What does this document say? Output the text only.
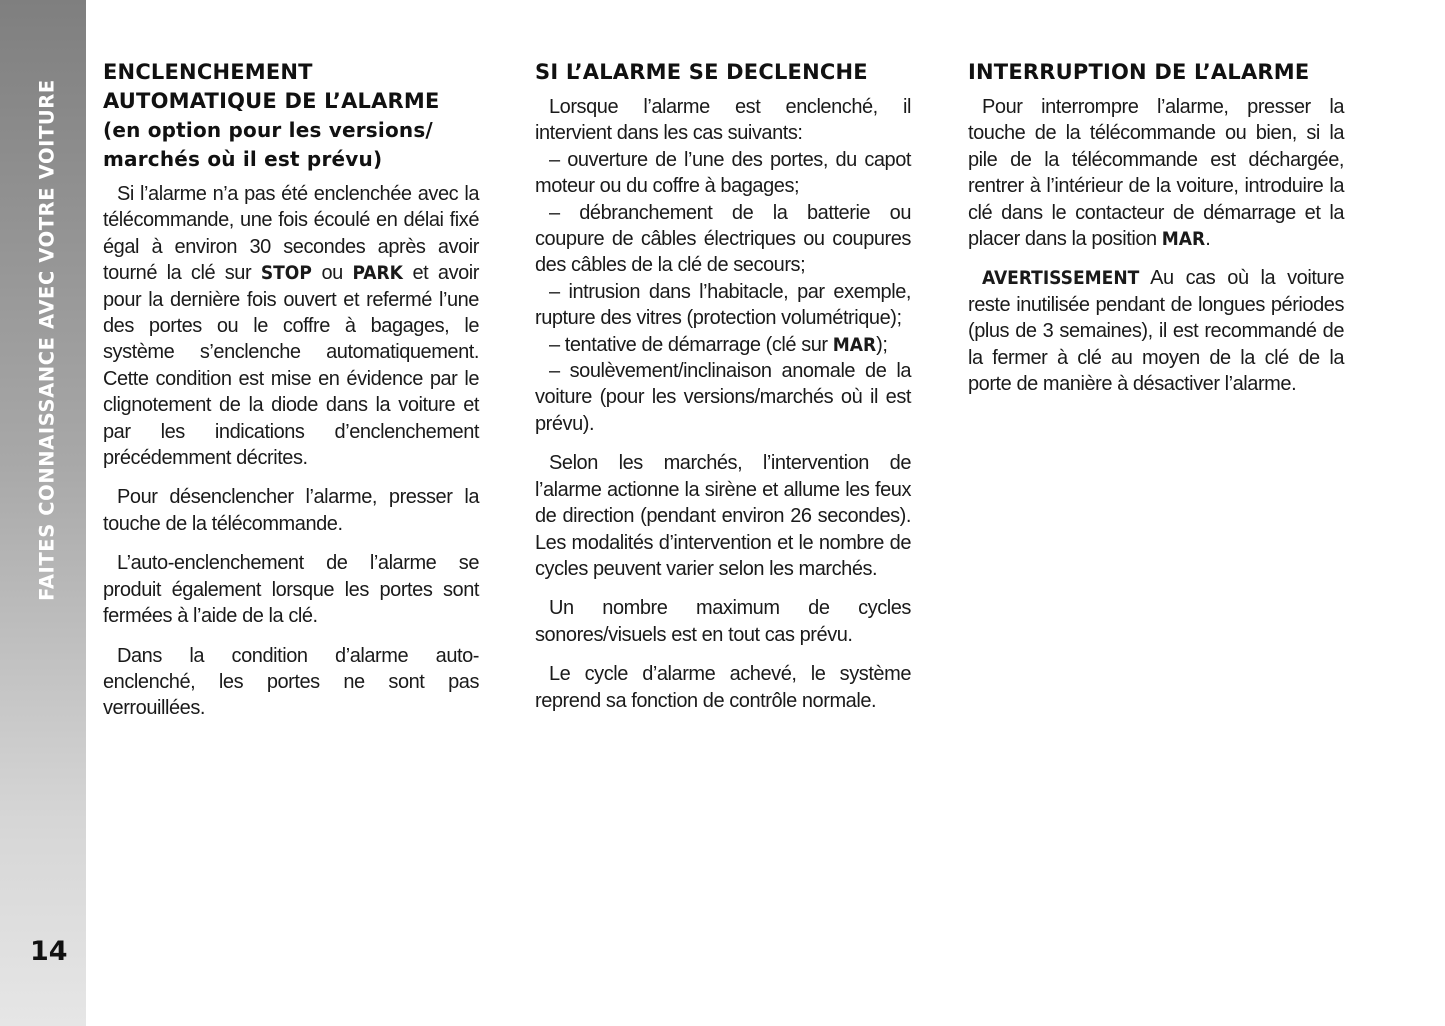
FAITES CONNAISSANCE AVEC VOTRE VOITURE
14
ENCLENCHEMENT
AUTOMATIQUE DE L’ALARME
(en option pour les versions/
marchés où il est prévu)

Si l’alarme n’a pas été enclenchée avec la télécommande, une fois écoulé en délai fixé égal à environ 30 secondes après avoir tourné la clé sur STOP ou PARK et avoir pour la dernière fois ouvert et refermé l’une des portes ou le coffre à bagages, le système s’enclenche automatiquement. Cette condition est mise en évidence par le clignotement de la diode dans la voiture et par les indications d’enclenchement précédemment décrites.

Pour désenclencher l’alarme, presser la touche de la télécommande.

L’auto-enclenchement de l’alarme se produit également lorsque les portes sont fermées à l’aide de la clé.

Dans la condition d’alarme auto-enclenché, les portes ne sont pas verrouillées.

SI L’ALARME SE DECLENCHE

Lorsque l’alarme est enclenché, il intervient dans les cas suivants:

– ouverture de l’une des portes, du capot moteur ou du coffre à bagages;

– débranchement de la batterie ou coupure de câbles électriques ou coupures des câbles de la clé de secours;

– intrusion dans l’habitacle, par exemple, rupture des vitres (protection volumétrique);

– tentative de démarrage (clé sur MAR);

– soulèvement/inclinaison anomale de la voiture (pour les versions/marchés où il est prévu).

Selon les marchés, l’intervention de l’alarme actionne la sirène et allume les feux de direction (pendant environ 26 secondes). Les modalités d’intervention et le nombre de cycles peuvent varier selon les marchés.

Un nombre maximum de cycles sonores/visuels est en tout cas prévu.

Le cycle d’alarme achevé, le système reprend sa fonction de contrôle normale.

INTERRUPTION DE L’ALARME

Pour interrompre l’alarme, presser la touche de la télécommande ou bien, si la pile de la télécommande est déchargée, rentrer à l’intérieur de la voiture, introduire la clé dans le contacteur de démarrage et la placer dans la position MAR.

AVERTISSEMENT Au cas où la voiture reste inutilisée pendant de longues périodes (plus de 3 semaines), il est recommandé de la fermer à clé au moyen de la clé de la porte de manière à désactiver l’alarme.
